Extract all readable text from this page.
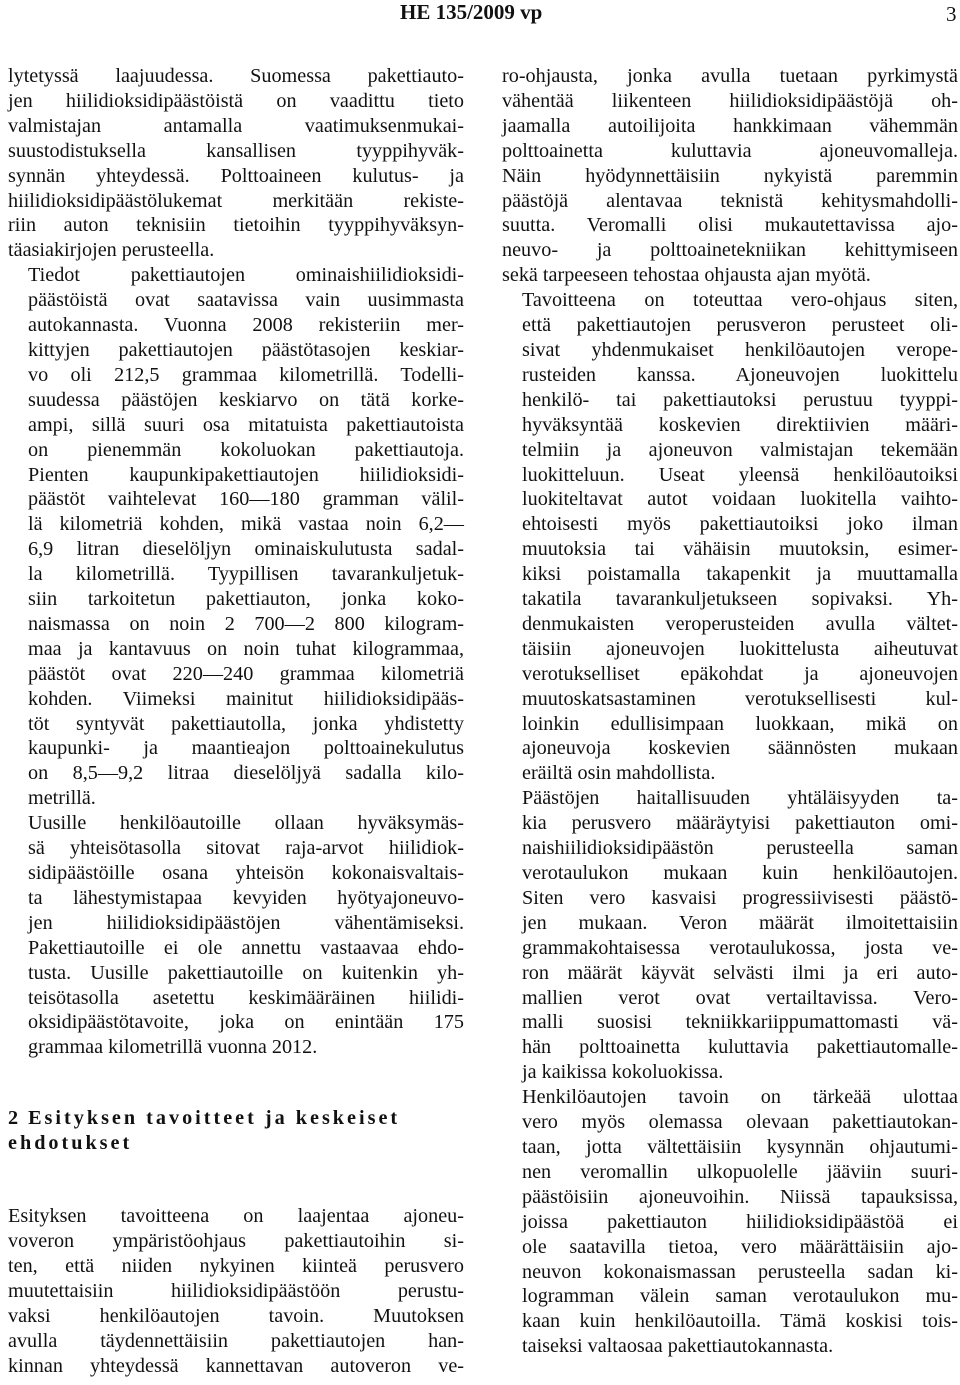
HE 135/2009 vp	3

lytetyssä laajuudessa. Suomessa pakettiauto-
jen hiilidioksidipäästöistä on vaadittu tieto
valmistajan antamalla vaatimuksenmukai-
suustodistuksella kansallisen tyyppihyväk-
synnän yhteydessä. Polttoaineen kulutus- ja
hiilidioksidipäästölukemat merkitään rekiste-
riin auton teknisiin tietoihin tyyppihyväksyn-
täasiakirjojen perusteella.

Tiedot pakettiautojen ominaishiilidioksidi-
päästöistä ovat saatavissa vain uusimmasta
autokannasta. Vuonna 2008 rekisteriin mer-
kittyjen pakettiautojen päästötasojen keskiar-
vo oli 212,5 grammaa kilometrillä. Todelli-
suudessa päästöjen keskiarvo on tätä korke-
ampi, sillä suuri osa mitatuista pakettiautoista
on pienemmän kokoluokan pakettiautoja.
Pienten kaupunkipakettiautojen hiilidioksidi-
päästöt vaihtelevat 160—180 gramman välil-
lä kilometriä kohden, mikä vastaa noin 6,2—
6,9 litran dieselöljyn ominaiskulutusta sadal-
la kilometrillä. Tyypillisen tavarankuljetuk-
siin tarkoitetun pakettiauton, jonka koko-
naismassa on noin 2 700—2 800 kilogram-
maa ja kantavuus on noin tuhat kilogrammaa,
päästöt ovat 220—240 grammaa kilometriä
kohden. Viimeksi mainitut hiilidioksidipääs-
töt syntyvät pakettiautolla, jonka yhdistetty
kaupunki- ja maantieajon polttoainekulutus
on 8,5—9,2 litraa dieselöljyä sadalla kilo-
metrillä.

Uusille henkilöautoille ollaan hyväksymäs-
sä yhteisötasolla sitovat raja-arvot hiilidiok-
sidipäästöille osana yhteisön kokonaisvaltais-
ta lähestymistapaa kevyiden hyötyajoneuvo-
jen hiilidioksidipäästöjen vähentämiseksi.
Pakettiautoille ei ole annettu vastaavaa ehdo-
tusta. Uusille pakettiautoille on kuitenkin yh-
teisötasolla asetettu keskimääräinen hiilidi-
oksidipäästötavoite, joka on enintään 175
grammaa kilometrillä vuonna 2012.

2 Esityksen tavoitteet ja keskeiset
ehdotukset

Esityksen tavoitteena on laajentaa ajoneu-
voveron ympäristöohjaus pakettiautoihin si-
ten, että niiden nykyinen kiinteä perusvero
muutettaisiin hiilidioksidipäästöön perustu-
vaksi henkilöautojen tavoin. Muutoksen
avulla täydennettäisiin pakettiautojen han-
kinnan yhteydessä kannettavan autoveron ve-

ro-ohjausta, jonka avulla tuetaan pyrkimystä
vähentää liikenteen hiilidioksidipäästöjä oh-
jaamalla autoilijoita hankkimaan vähemmän
polttoainetta kuluttavia ajoneuvomalleja.
Näin hyödynnettäisiin nykyistä paremmin
päästöjä alentavaa teknistä kehitysmahdolli-
suutta. Veromalli olisi mukautettavissa ajo-
neuvo- ja polttoainetekniikan kehittymiseen
sekä tarpeeseen tehostaa ohjausta ajan myötä.

Tavoitteena on toteuttaa vero-ohjaus siten,
että pakettiautojen perusveron perusteet oli-
sivat yhdenmukaiset henkilöautojen verope-
rusteiden kanssa. Ajoneuvojen luokittelu
henkilö- tai pakettiautoksi perustuu tyyppi-
hyväksyntää koskevien direktiivien määri-
telmiin ja ajoneuvon valmistajan tekemään
luokitteluun. Useat yleensä henkilöautoiksi
luokiteltavat autot voidaan luokitella vaihto-
ehtoisesti myös pakettiautoiksi joko ilman
muutoksia tai vähäisin muutoksin, esimer-
kiksi poistamalla takapenkit ja muuttamalla
takatila tavarankuljetukseen sopivaksi. Yh-
denmukaisten veroperusteiden avulla vältet-
täisiin ajoneuvojen luokittelusta aiheutuvat
verotukselliset epäkohdat ja ajoneuvojen
muutoskatsastaminen verotuksellisesti kul-
loinkin edullisimpaan luokkaan, mikä on
ajoneuvoja koskevien säännösten mukaan
eräiltä osin mahdollista.

Päästöjen haitallisuuden yhtäläisyyden ta-
kia perusvero määräytyisi pakettiauton omi-
naishiilidioksidipäästön perusteella saman
verotaulukon mukaan kuin henkilöautojen.
Siten vero kasvaisi progressiivisesti päästö-
jen mukaan. Veron määrät ilmoitettaisiin
grammakohtaisessa verotaulukossa, josta ve-
ron määrät käyvät selvästi ilmi ja eri auto-
mallien verot ovat vertailtavissa. Vero-
malli suosisi tekniikkariippumattomasti vä-
hän polttoainetta kuluttavia pakettiautomalle-
ja kaikissa kokoluokissa.

Henkilöautojen tavoin on tärkeää ulottaa
vero myös olemassa olevaan pakettiautokan-
taan, jotta vältettäisiin kysynnän ohjautumi-
nen veromallin ulkopuolelle jääviin suuri-
päästöisiin ajoneuvoihin. Niissä tapauksissa,
joissa pakettiauton hiilidioksidipäästöä ei
ole saatavilla tietoa, vero määrättäisiin ajo-
neuvon kokonaismassan perusteella sadan ki-
logramman välein saman verotaulukon mu-
kaan kuin henkilöautoilla. Tämä koskisi tois-
taiseksi valtaosaa pakettiautokannasta.
